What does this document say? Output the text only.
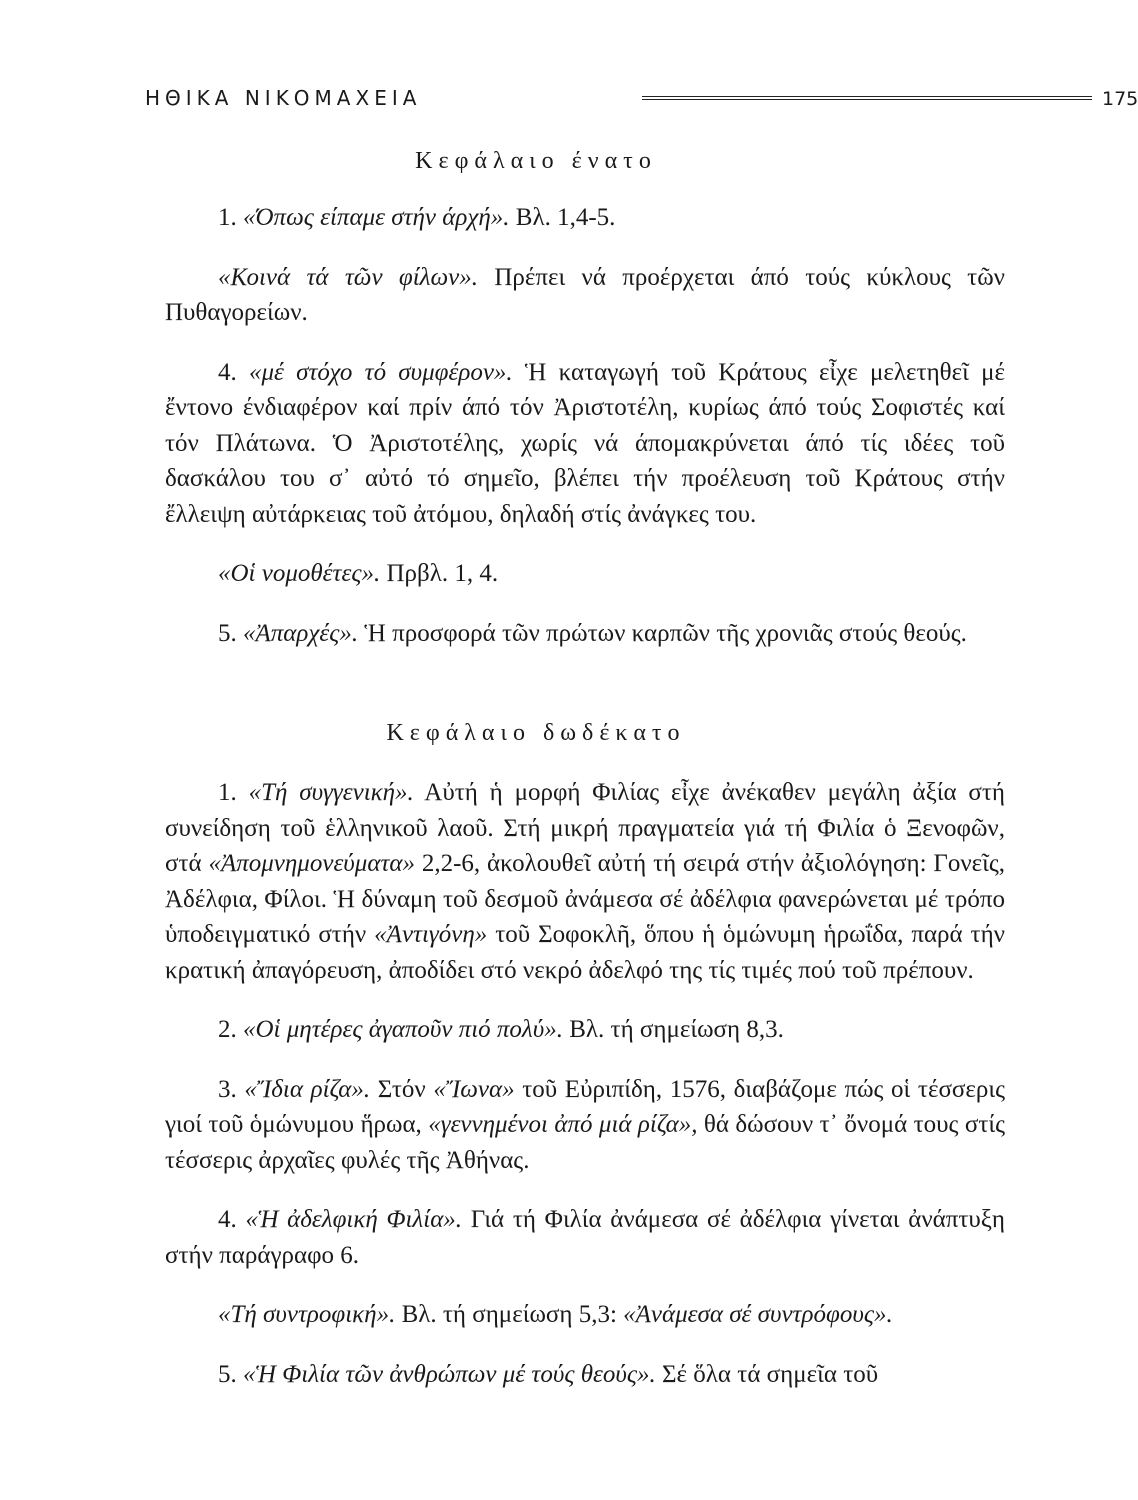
ΗΘΙΚΑ ΝΙΚΟΜΑΧΕΙΑ	175
Κεφάλαιο ένατο

1. «Όπως είπαμε στήν άρχή». Βλ. 1,4-5.

«Κοινά τά τῶν φίλων». Πρέπει νά προέρχεται άπό τούς κύκλους τῶν Πυθαγορείων.

4. «μέ στόχο τό συμφέρον». Ἡ καταγωγή τοῦ Κράτους εἶχε μελετηθεῖ μέ ἔντονο ένδιαφέρον καί πρίν άπό τόν Ἀριστοτέλη, κυρίως άπό τούς Σοφιστές καί τόν Πλάτωνα. Ὁ Ἀριστοτέλης, χωρίς νά άπομακρύνεται άπό τίς ιδέες τοῦ δασκάλου του σ᾽ αὐτό τό σημεῖο, βλέπει τήν προέλευση τοῦ Κράτους στήν ἔλλειψη αὐτάρκειας τοῦ ἀτόμου, δηλαδή στίς ἀνάγκες του.

«Οἱ νομοθέτες». Πρβλ. 1, 4.

5. «Ἀπαρχές». Ἡ προσφορά τῶν πρώτων καρπῶν τῆς χρονιᾶς στούς θεούς.

Κεφάλαιο δωδέκατο

1. «Τή συγγενική». Αὐτή ἡ μορφή Φιλίας εἶχε ἀνέκαθεν μεγάλη ἀξία στή συνείδηση τοῦ ἑλληνικοῦ λαοῦ. Στή μικρή πραγματεία γιά τή Φιλία ὁ Ξενοφῶν, στά «Ἀπομνημονεύματα» 2,2-6, ἀκολουθεῖ αὐτή τή σειρά στήν ἀξιολόγηση: Γονεῖς, Ἀδέλφια, Φίλοι. Ἡ δύναμη τοῦ δεσμοῦ ἀνάμεσα σέ ἀδέλφια φανερώνεται μέ τρόπο ὑποδειγματικό στήν «Ἀντιγόνη» τοῦ Σοφοκλῆ, ὅπου ἡ ὁμώνυμη ἡρωΐδα, παρά τήν κρατική ἀπαγόρευση, ἀποδίδει στό νεκρό ἀδελφό της τίς τιμές πού τοῦ πρέπουν.

2. «Οἱ μητέρες ἀγαποῦν πιό πολύ». Βλ. τή σημείωση 8,3.

3. «Ἴδια ρίζα». Στόν «Ἴωνα» τοῦ Εὐριπίδη, 1576, διαβάζομε πώς οἱ τέσσερις γιοί τοῦ ὁμώνυμου ἥρωα, «γεννημένοι ἀπό μιά ρίζα», θά δώσουν τ᾽ ὄνομά τους στίς τέσσερις ἀρχαῖες φυλές τῆς Ἀθήνας.

4. «Ἡ ἀδελφική Φιλία». Γιά τή Φιλία ἀνάμεσα σέ ἀδέλφια γίνεται ἀνάπτυξη στήν παράγραφο 6.

«Τή συντροφική». Βλ. τή σημείωση 5,3: «Ἀνάμεσα σέ συντρόφους».

5. «Ἡ Φιλία τῶν ἀνθρώπων μέ τούς θεούς». Σέ ὅλα τά σημεῖα τοῦ
